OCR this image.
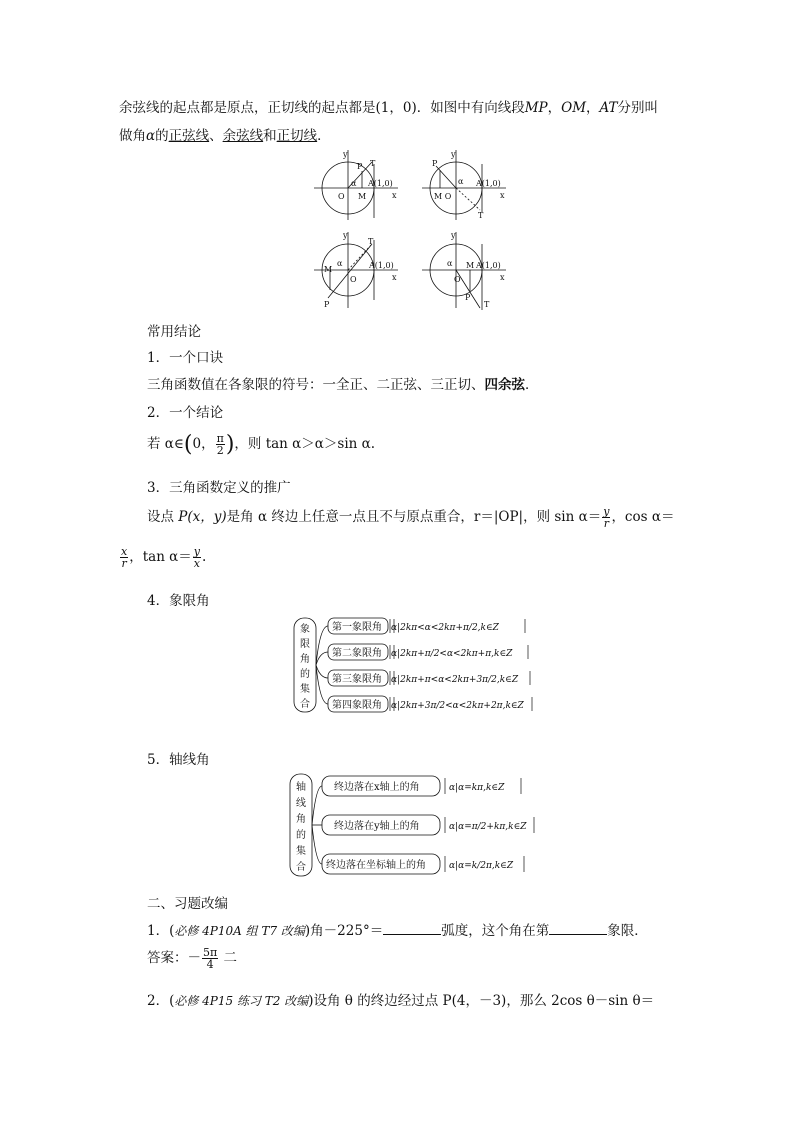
余弦线的起点都是原点，正切线的起点都是(1，0)．如图中有向线段MP，OM，AT分别叫
做角α的正弦线、余弦线和正切线．
y
x
O M
P T
α A(1,0)
y
x
M O
P
T
α A(1,0)
y
x
M
O
P
T
α	A(1,0)
y
x
O
M
P
T
α	A(1,0)
常用结论
1．一个口诀
三角函数值在各象限的符号：一全正、二正弦、三正切、四余弦．
2．一个结论
若 α∈(0， $\frac{\pi}{2}$ )，则 tan α＞α＞sin α.
3．三角函数定义的推广
设点 P(x，y)是角 α 终边上任意一点且不与原点重合，r＝|OP|，则 $\sin \alpha= \frac{y}{r}$ ，cos α＝
$\frac{x}{r}$ ，$\tan \alpha= \frac{y}{x}$ .
4．象限角
象
限
角
的
集
合
第一象限角
第二象限角
第三象限角
第四象限角
α|2kπ<α<2kπ+π/2,k∈Z
α|2kπ+π/2<α<2kπ+π,k∈Z
α|2kπ+π<α<2kπ+3π/2,k∈Z
α|2kπ+3π/2<α<2kπ+2π,k∈Z
5．轴线角
轴
线
角
的
集
合
终边落在x轴上的角
终边落在y轴上的角
终边落在坐标轴上的角
α|α=kπ,k∈Z
α|α=π/2+kπ,k∈Z
α|α=k/2π,k∈Z
二、习题改编
1．(必修 4P10A 组 T7 改编)角－225°＝	弧度，这个角在第	象限．
答案：－ $\frac{5\pi}{4}$ 二
2．(必修 4P15 练习 T2 改编)设角 θ 的终边经过点 P(4，－3)，那么 2cos θ－sin θ＝
